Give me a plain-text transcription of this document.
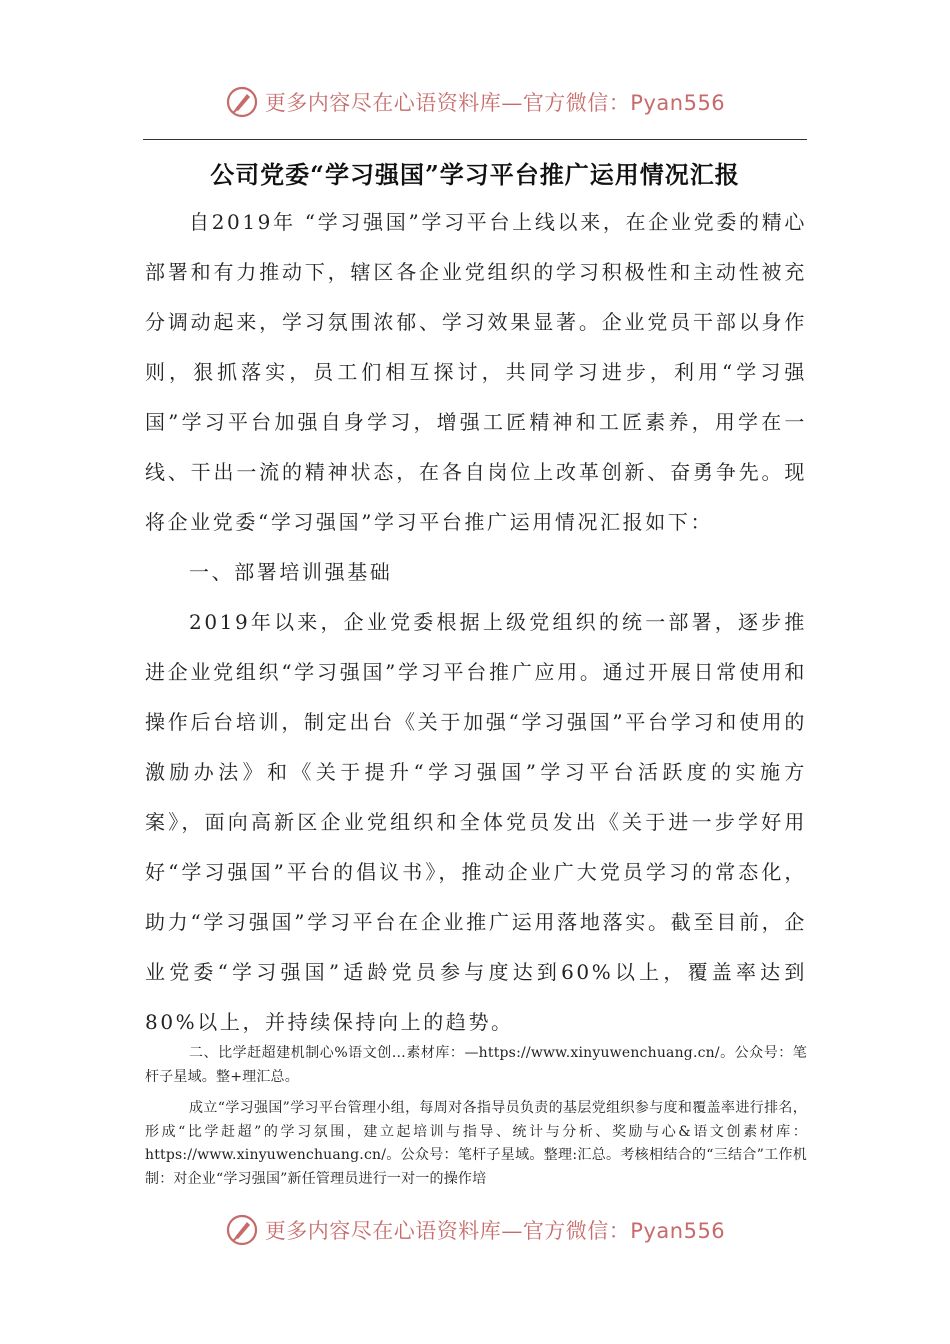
更多内容尽在心语资料库—官方微信：Pyan556
公司党委“学习强国”学习平台推广运用情况汇报

自2019年 “学习强国”学习平台上线以来，在企业党委的精心部署和有力推动下，辖区各企业党组织的学习积极性和主动性被充分调动起来，学习氛围浓郁、学习效果显著。企业党员干部以身作则，狠抓落实，员工们相互探讨，共同学习进步，利用“学习强国”学习平台加强自身学习，增强工匠精神和工匠素养，用学在一线、干出一流的精神状态，在各自岗位上改革创新、奋勇争先。现将企业党委“学习强国”学习平台推广运用情况汇报如下：

一、部署培训强基础

2019年以来，企业党委根据上级党组织的统一部署，逐步推进企业党组织“学习强国”学习平台推广应用。通过开展日常使用和操作后台培训，制定出台《关于加强“学习强国”平台学习和使用的激励办法》和《关于提升“学习强国”学习平台活跃度的实施方案》，面向高新区企业党组织和全体党员发出《关于进一步学好用好“学习强国”平台的倡议书》，推动企业广大党员学习的常态化，助力“学习强国”学习平台在企业推广运用落地落实。截至目前，企业党委“学习强国”适龄党员参与度达到60%以上，覆盖率达到80%以上，并持续保持向上的趋势。

二、比学赶超建机制心%语文创…素材库：—https://www.xinyuwenchuang.cn/。公众号：笔杆子星域。整+理汇总。

成立“学习强国”学习平台管理小组，每周对各指导员负责的基层党组织参与度和覆盖率进行排名，形成“比学赶超”的学习氛围，建立起培训与指导、统计与分析、奖励与心&语文创素材库：https://www.xinyuwenchuang.cn/。公众号：笔杆子星域。整理:汇总。考核相结合的“三结合”工作机制：对企业“学习强国”新任管理员进行一对一的操作培

更多内容尽在心语资料库—官方微信：Pyan556
